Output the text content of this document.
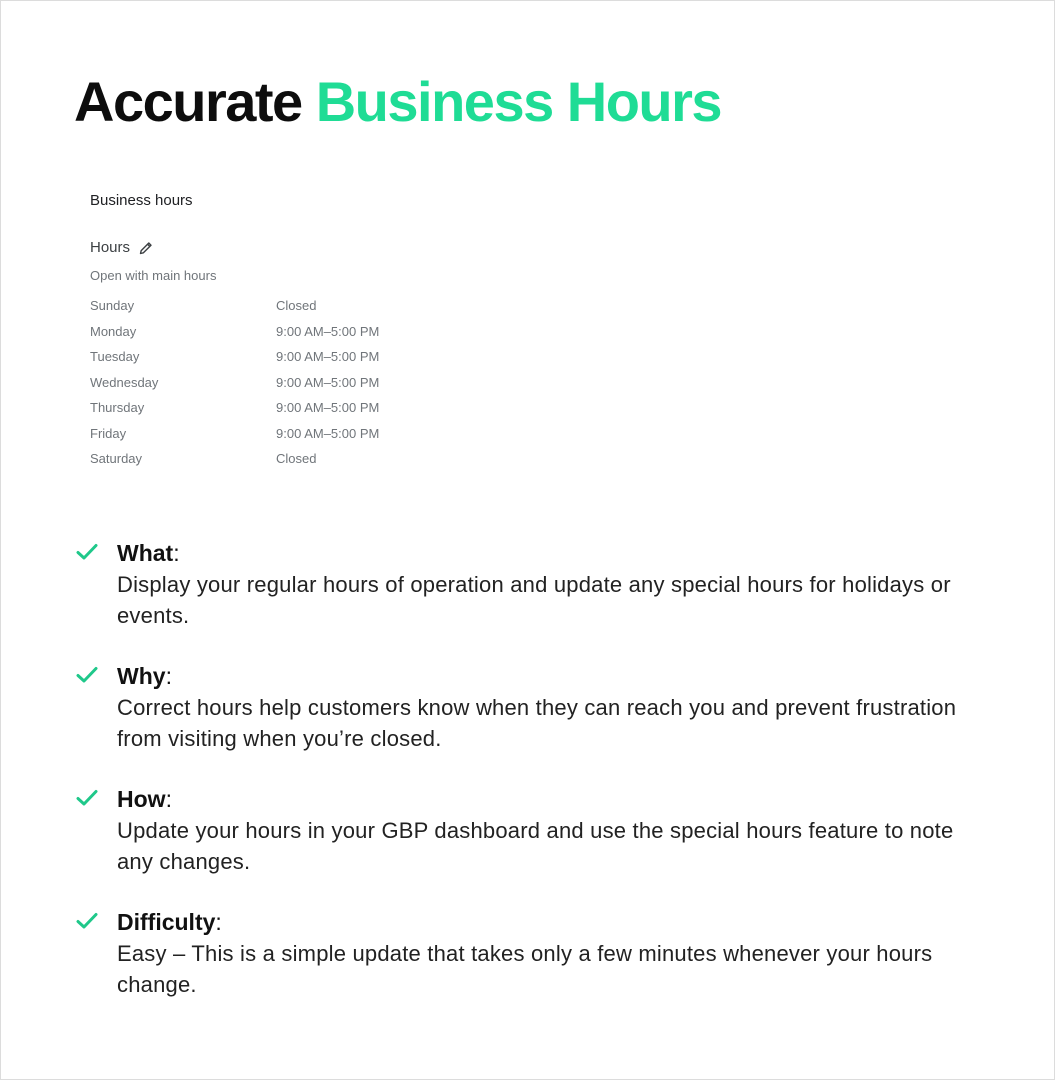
Accurate Business Hours
Business hours
Hours
Open with main hours
Sunday	Closed
Monday	9:00 AM–5:00 PM
Tuesday	9:00 AM–5:00 PM
Wednesday	9:00 AM–5:00 PM
Thursday	9:00 AM–5:00 PM
Friday	9:00 AM–5:00 PM
Saturday	Closed
What:
Display your regular hours of operation and update any special hours for holidays or events.
Why:
Correct hours help customers know when they can reach you and prevent frustration from visiting when you’re closed.
How:
Update your hours in your GBP dashboard and use the special hours feature to note any changes.
Difficulty:
Easy – This is a simple update that takes only a few minutes whenever your hours change.
